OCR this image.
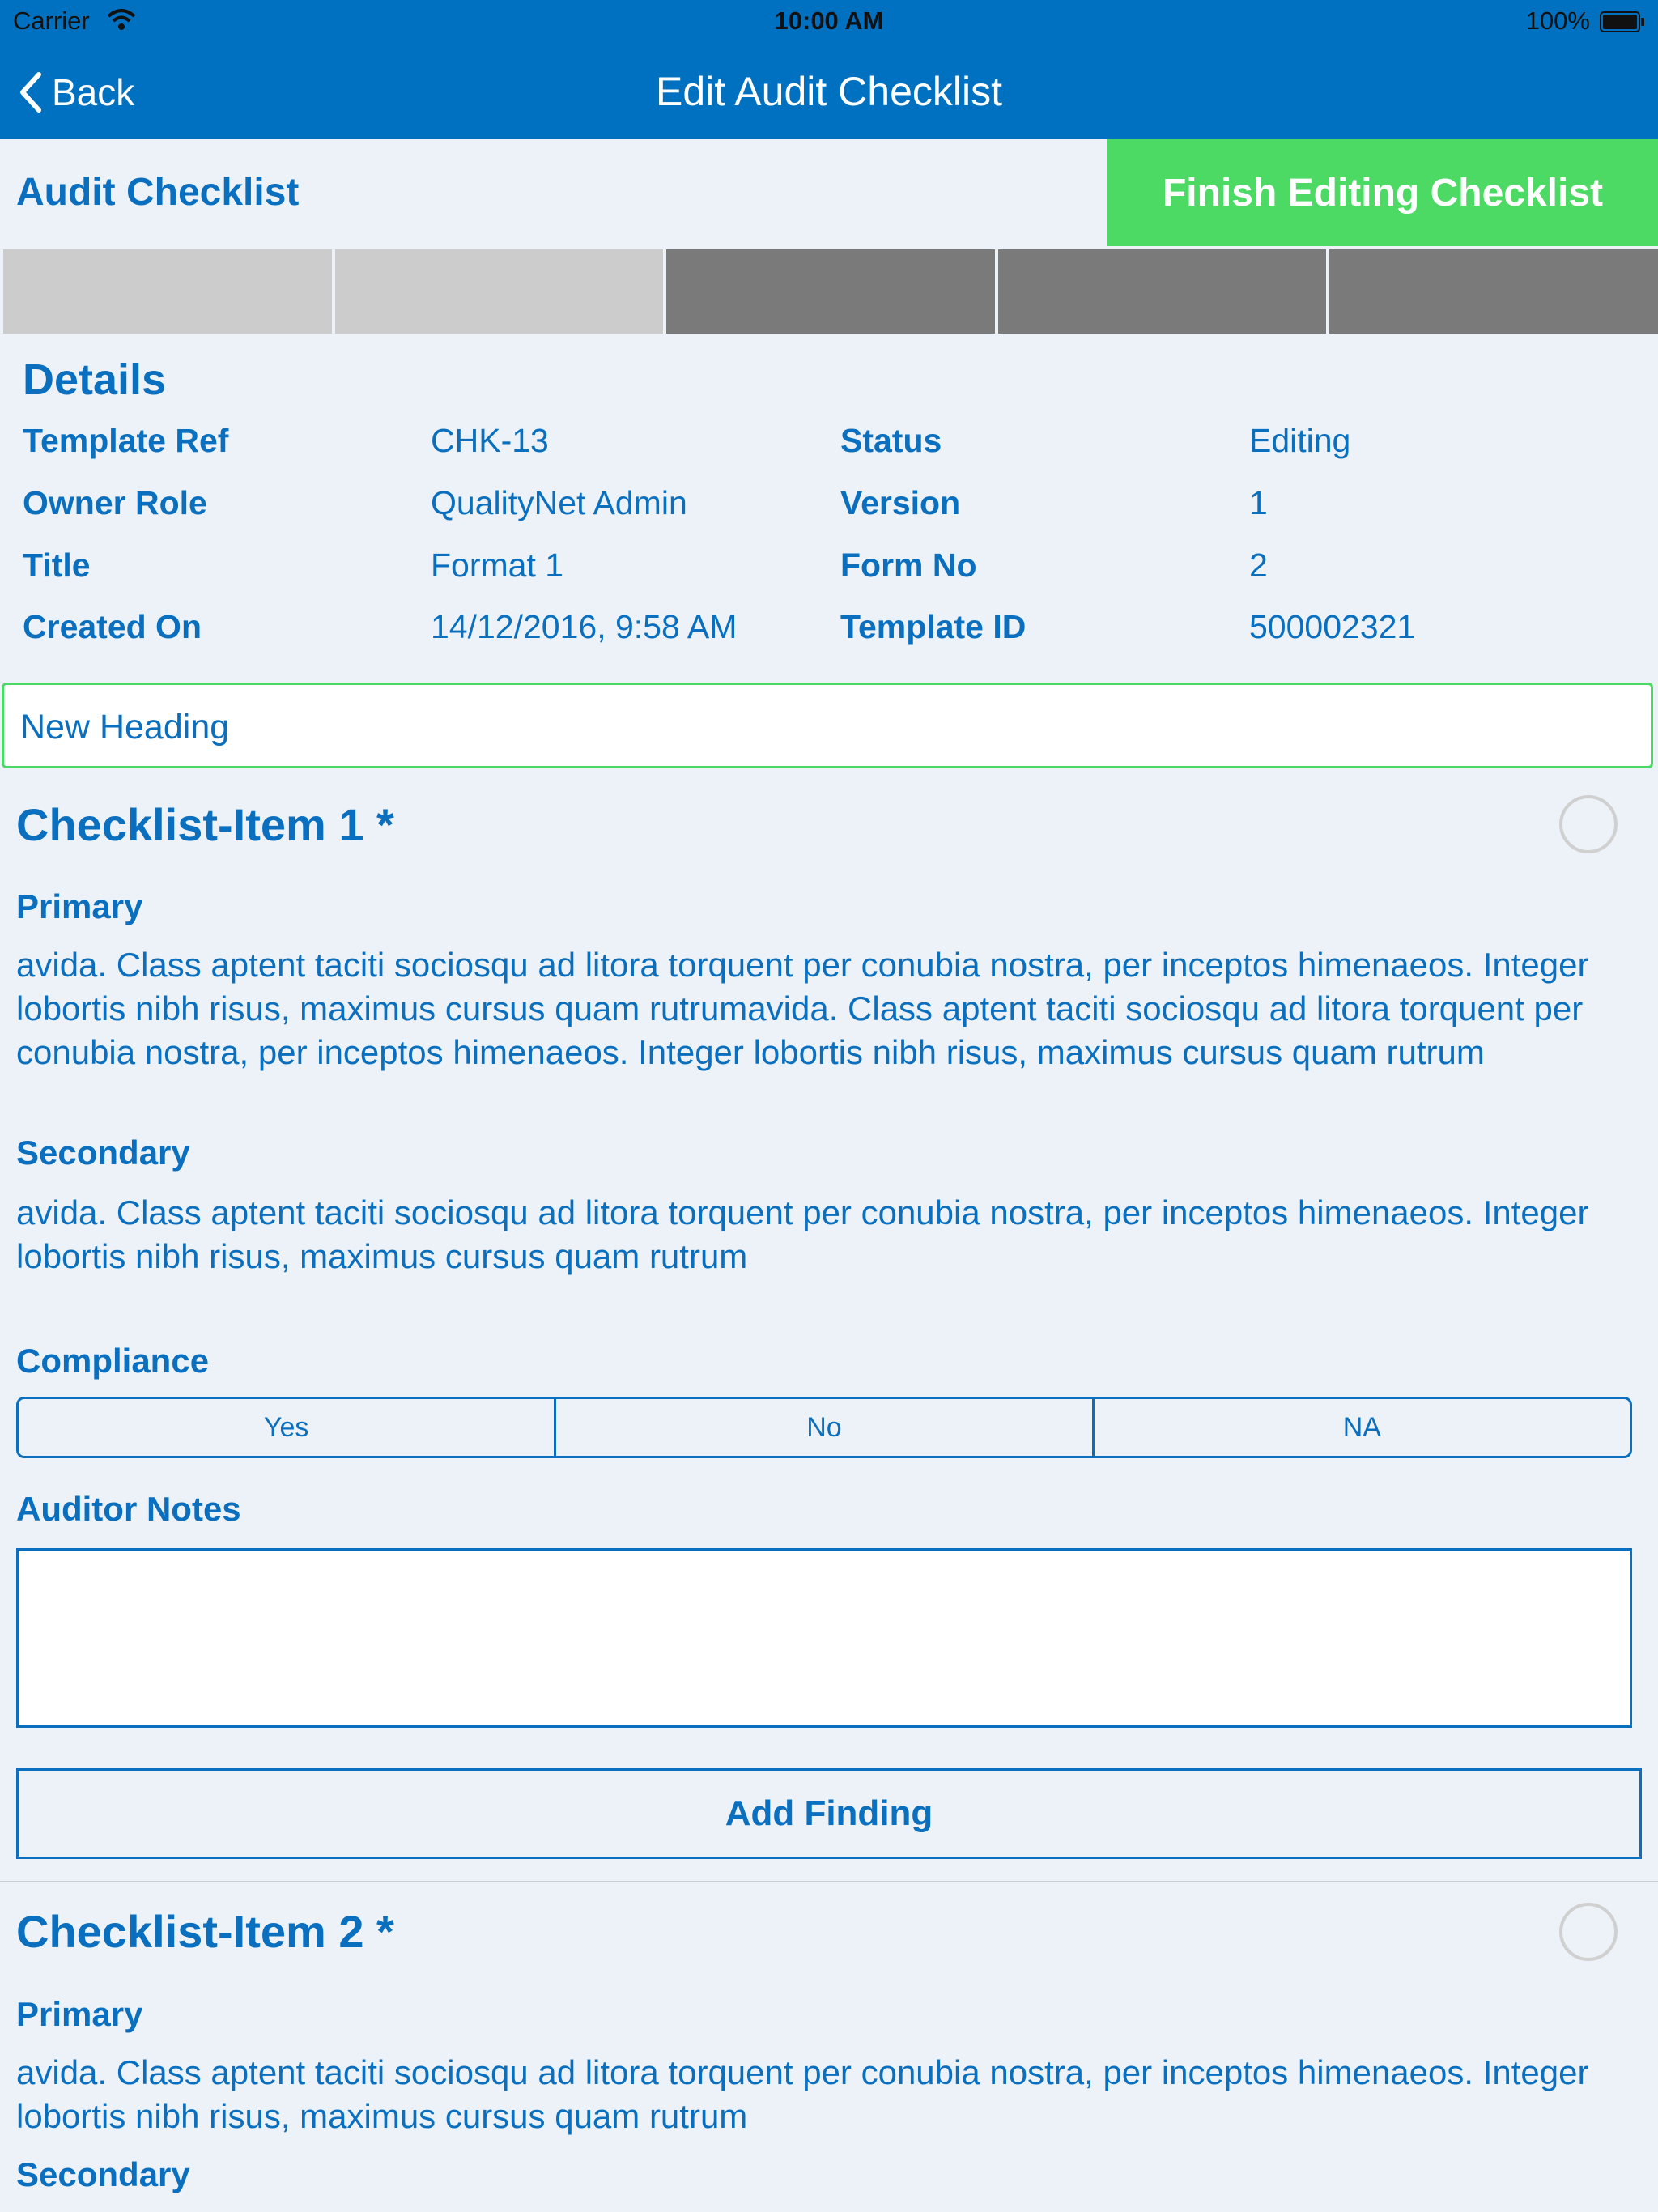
Carrier	10:00 AM	100%
Back	Edit Audit Checklist
Audit Checklist	Finish Editing Checklist
Details
Template Ref	CHK-13	Status	Editing
Owner Role	QualityNet Admin	Version	1
Title	Format 1	Form No	2
Created On	14/12/2016, 9:58 AM	Template ID	500002321
New Heading
Checklist-Item 1 *
Primary
avida. Class aptent taciti sociosqu ad litora torquent per conubia nostra, per inceptos himenaeos. Integer lobortis nibh risus, maximus cursus quam rutrumavida. Class aptent taciti sociosqu ad litora torquent per conubia nostra, per inceptos himenaeos. Integer lobortis nibh risus, maximus cursus quam rutrum
Secondary
avida. Class aptent taciti sociosqu ad litora torquent per conubia nostra, per inceptos himenaeos. Integer lobortis nibh risus, maximus cursus quam rutrum
Compliance
Yes	No	NA
Auditor Notes
Add Finding
Checklist-Item 2 *
Primary
avida. Class aptent taciti sociosqu ad litora torquent per conubia nostra, per inceptos himenaeos. Integer lobortis nibh risus, maximus cursus quam rutrum
Secondary
